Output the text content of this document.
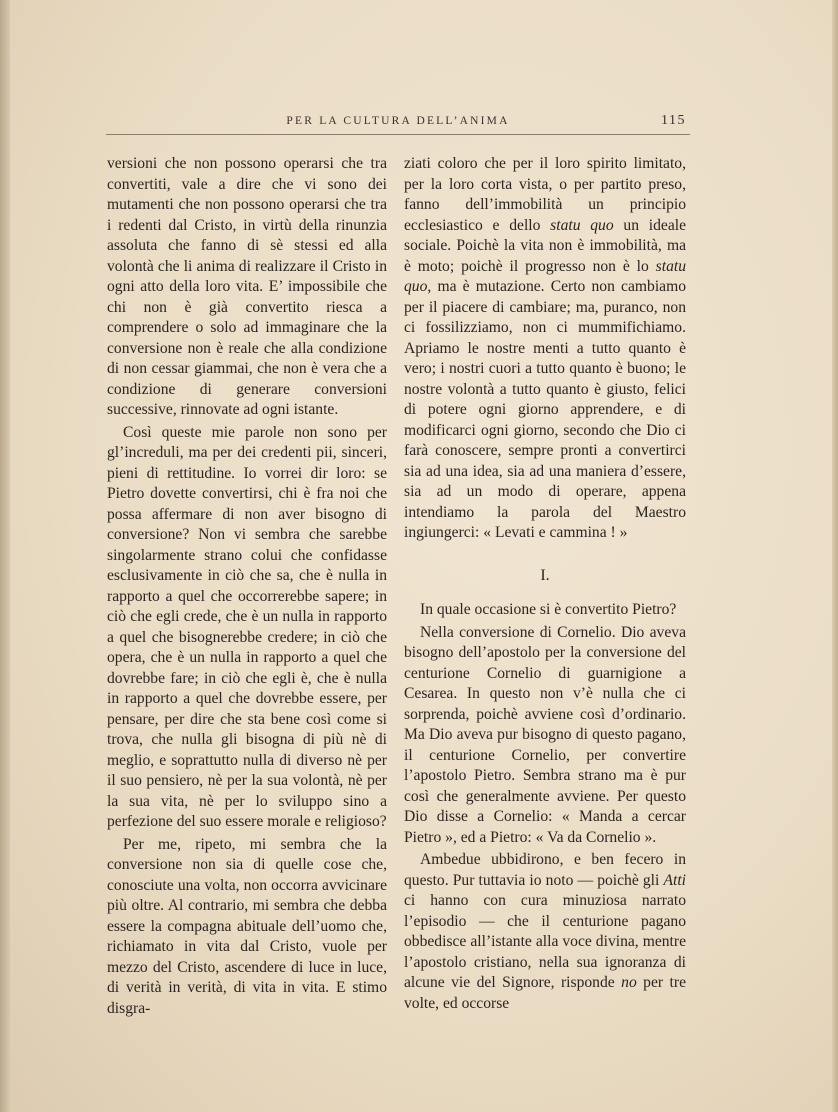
PER LA CULTURA DELL’ANIMA	115

versioni che non possono operarsi che tra convertiti, vale a dire che vi sono dei mutamenti che non possono operarsi che tra i redenti dal Cristo, in virtù della rinunzia assoluta che fanno di sè stessi ed alla volontà che li anima di realizzare il Cristo in ogni atto della loro vita. E’ impossibile che chi non è già convertito riesca a comprendere o solo ad immaginare che la conversione non è reale che alla condizione di non cessar giammai, che non è vera che a condizione di generare conversioni successive, rinnovate ad ogni istante.

Così queste mie parole non sono per gl’increduli, ma per dei credenti pii, sinceri, pieni di rettitudine. Io vorrei dir loro: se Pietro dovette convertirsi, chi è fra noi che possa affermare di non aver bisogno di conversione? Non vi sembra che sarebbe singolarmente strano colui che confidasse esclusivamente in ciò che sa, che è nulla in rapporto a quel che occorrerebbe sapere; in ciò che egli crede, che è un nulla in rapporto a quel che bisognerebbe credere; in ciò che opera, che è un nulla in rapporto a quel che dovrebbe fare; in ciò che egli è, che è nulla in rapporto a quel che dovrebbe essere, per pensare, per dire che sta bene così come si trova, che nulla gli bisogna di più nè di meglio, e soprattutto nulla di diverso nè per il suo pensiero, nè per la sua volontà, nè per la sua vita, nè per lo sviluppo sino a perfezione del suo essere morale e religioso?

Per me, ripeto, mi sembra che la conversione non sia di quelle cose che, conosciute una volta, non occorra avvicinare più oltre. Al contrario, mi sembra che debba essere la compagna abituale dell’uomo che, richiamato in vita dal Cristo, vuole per mezzo del Cristo, ascendere di luce in luce, di verità in verità, di vita in vita. E stimo disgra-

ziati coloro che per il loro spirito limitato, per la loro corta vista, o per partito preso, fanno dell’immobilità un principio ecclesiastico e dello statu quo un ideale sociale. Poichè la vita non è immobilità, ma è moto; poichè il progresso non è lo statu quo, ma è mutazione. Certo non cambiamo per il piacere di cambiare; ma, puranco, non ci fossilizziamo, non ci mummifichiamo. Apriamo le nostre menti a tutto quanto è vero; i nostri cuori a tutto quanto è buono; le nostre volontà a tutto quanto è giusto, felici di potere ogni giorno apprendere, e di modificarci ogni giorno, secondo che Dio ci farà conoscere, sempre pronti a convertirci sia ad una idea, sia ad una maniera d’essere, sia ad un modo di operare, appena intendiamo la parola del Maestro ingiungerci: « Levati e cammina ! »

I.

In quale occasione si è convertito Pietro?

Nella conversione di Cornelio. Dio aveva bisogno dell’apostolo per la conversione del centurione Cornelio di guarnigione a Cesarea. In questo non v’è nulla che ci sorprenda, poichè avviene così d’ordinario. Ma Dio aveva pur bisogno di questo pagano, il centurione Cornelio, per convertire l’apostolo Pietro. Sembra strano ma è pur così che generalmente avviene. Per questo Dio disse a Cornelio: « Manda a cercar Pietro », ed a Pietro: « Va da Cornelio ».

Ambedue ubbidirono, e ben fecero in questo. Pur tuttavia io noto — poichè gli Atti ci hanno con cura minuziosa narrato l’episodio — che il centurione pagano obbedisce all’istante alla voce divina, mentre l’apostolo cristiano, nella sua ignoranza di alcune vie del Signore, risponde no per tre volte, ed occorse
